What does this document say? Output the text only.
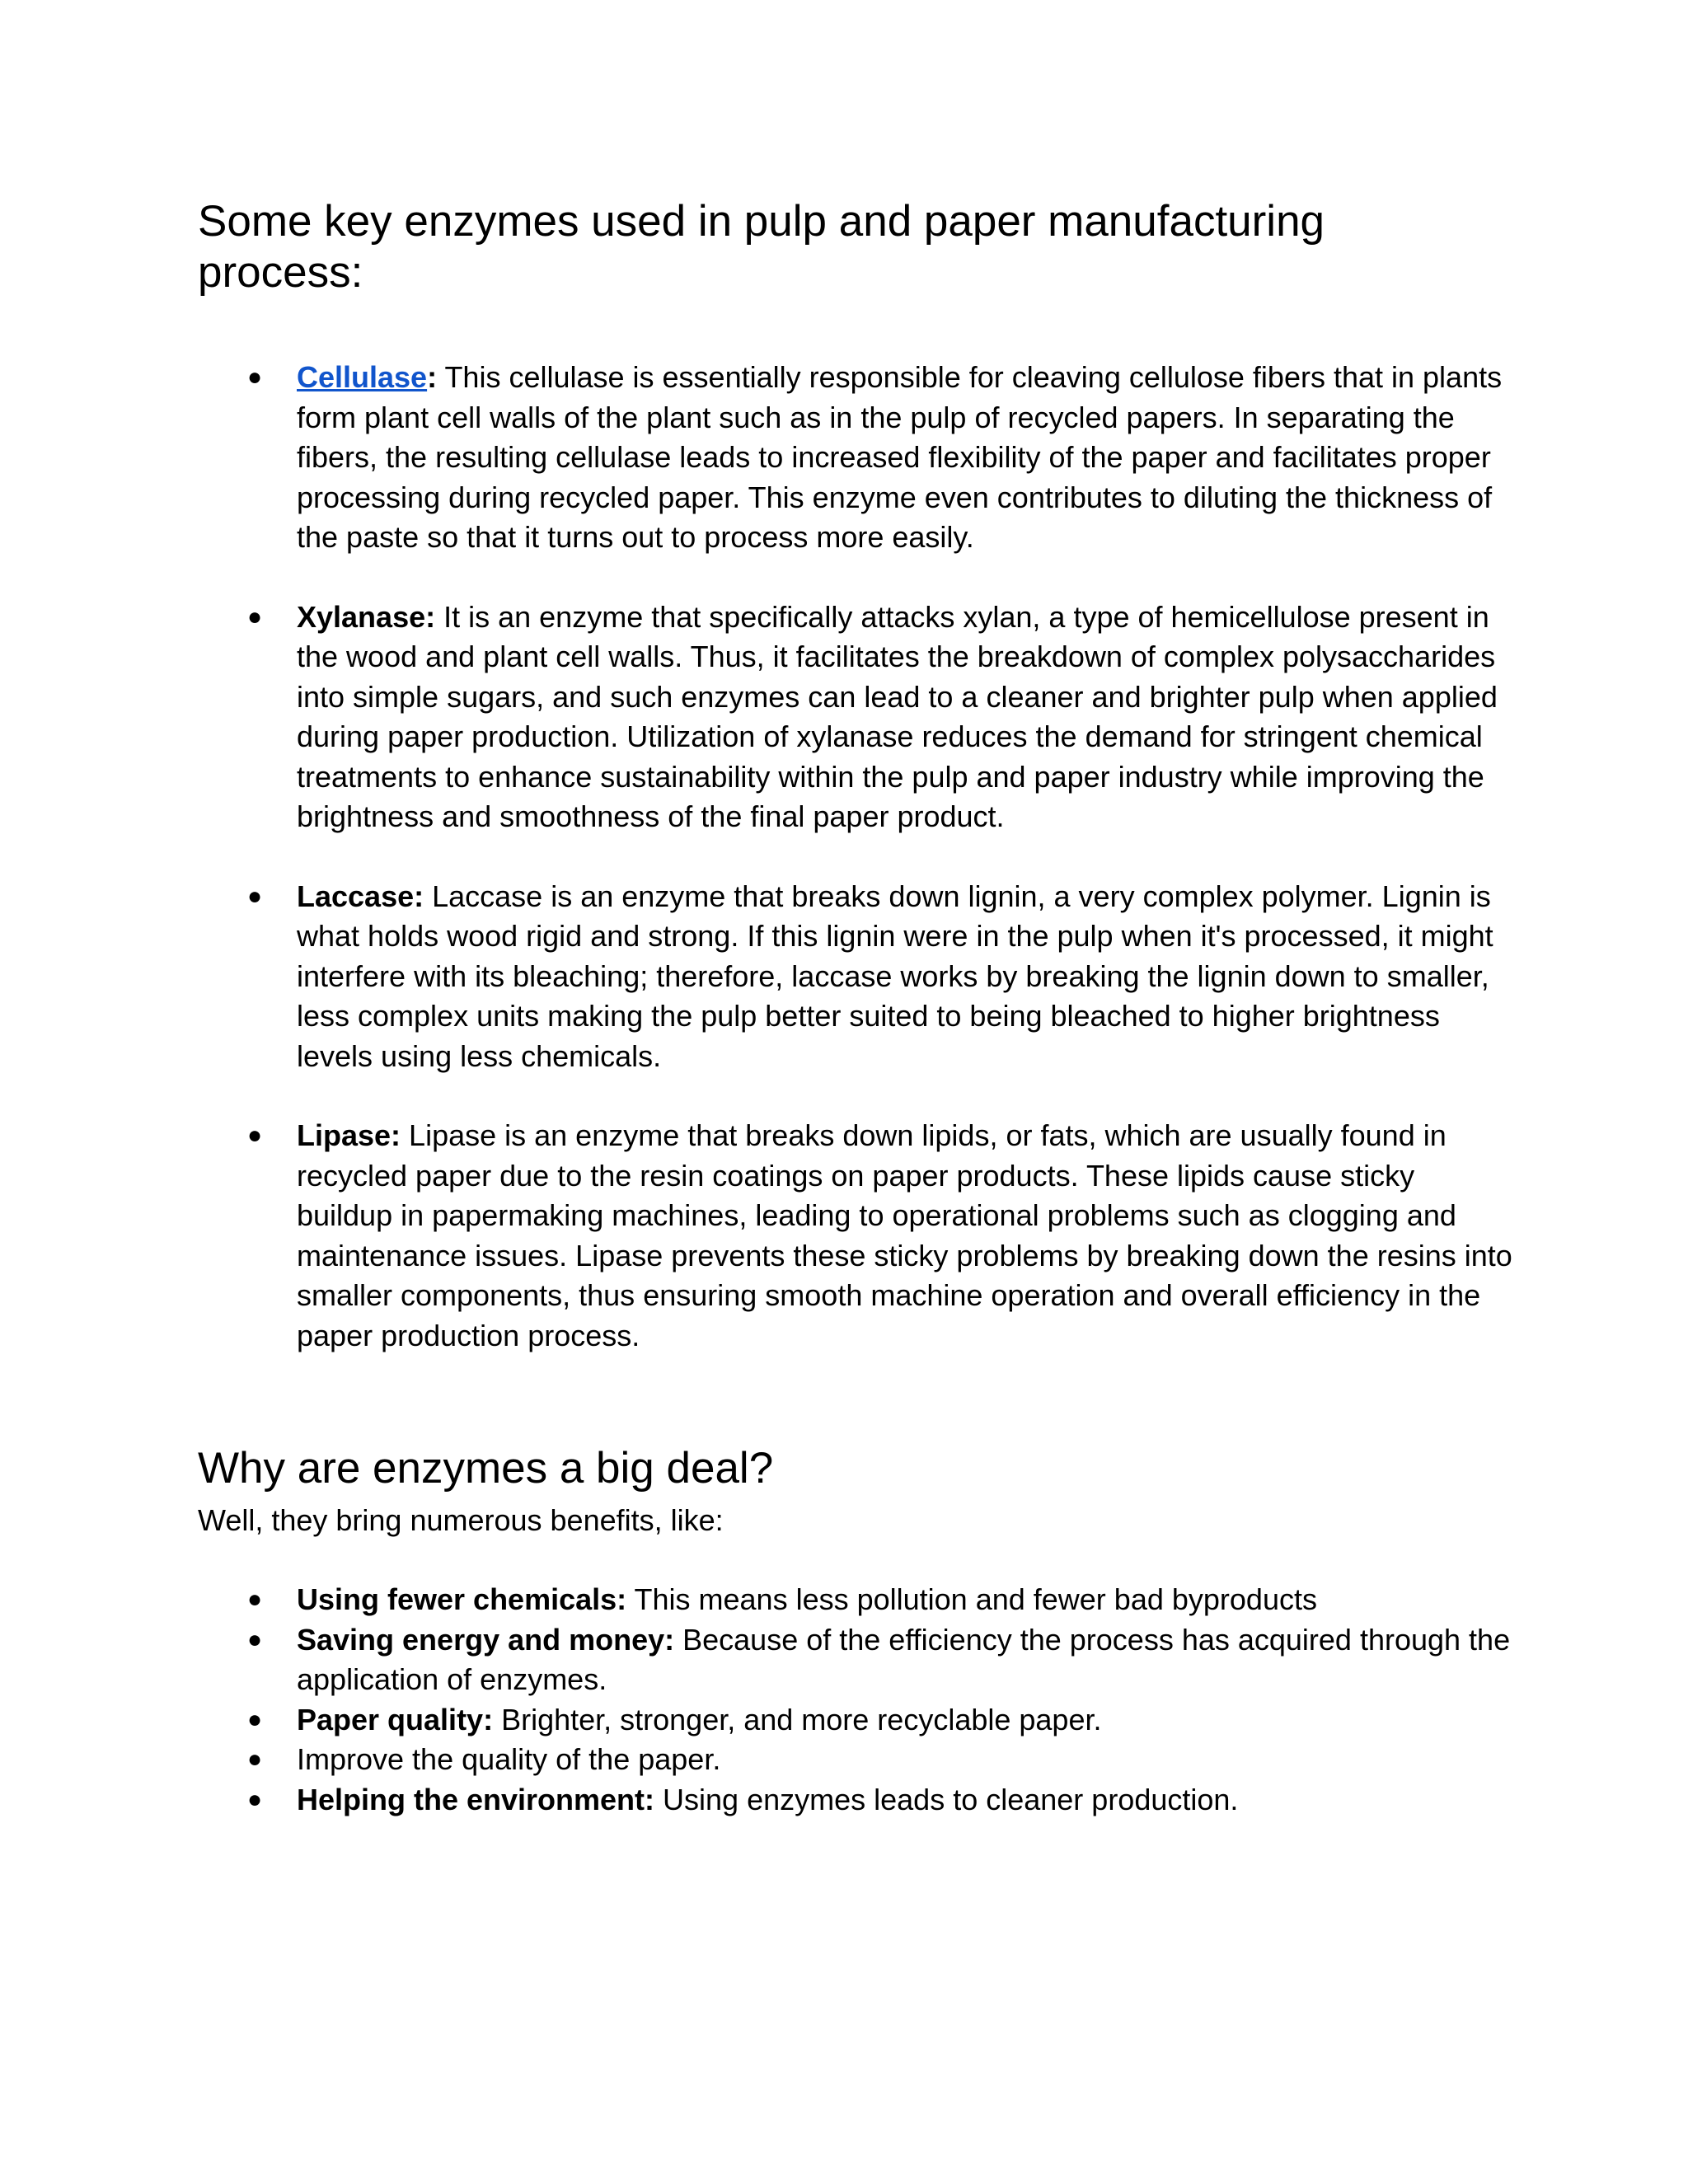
Some key enzymes used in pulp and paper manufacturing process:
● Cellulase: This cellulase is essentially responsible for cleaving cellulose fibers that in plants form plant cell walls of the plant such as in the pulp of recycled papers. In separating the fibers, the resulting cellulase leads to increased flexibility of the paper and facilitates proper processing during recycled paper. This enzyme even contributes to diluting the thickness of the paste so that it turns out to process more easily.
● Xylanase: It is an enzyme that specifically attacks xylan, a type of hemicellulose present in the wood and plant cell walls. Thus, it facilitates the breakdown of complex polysaccharides into simple sugars, and such enzymes can lead to a cleaner and brighter pulp when applied during paper production. Utilization of xylanase reduces the demand for stringent chemical treatments to enhance sustainability within the pulp and paper industry while improving the brightness and smoothness of the final paper product.
● Laccase: Laccase is an enzyme that breaks down lignin, a very complex polymer. Lignin is what holds wood rigid and strong. If this lignin were in the pulp when it's processed, it might interfere with its bleaching; therefore, laccase works by breaking the lignin down to smaller, less complex units making the pulp better suited to being bleached to higher brightness levels using less chemicals.
● Lipase: Lipase is an enzyme that breaks down lipids, or fats, which are usually found in recycled paper due to the resin coatings on paper products. These lipids cause sticky buildup in papermaking machines, leading to operational problems such as clogging and maintenance issues. Lipase prevents these sticky problems by breaking down the resins into smaller components, thus ensuring smooth machine operation and overall efficiency in the paper production process.
Why are enzymes a big deal?

Well, they bring numerous benefits, like:

● Using fewer chemicals: This means less pollution and fewer bad byproducts
● Saving energy and money: Because of the efficiency the process has acquired through the application of enzymes.
● Paper quality: Brighter, stronger, and more recyclable paper.
● Improve the quality of the paper.
● Helping the environment: Using enzymes leads to cleaner production.
